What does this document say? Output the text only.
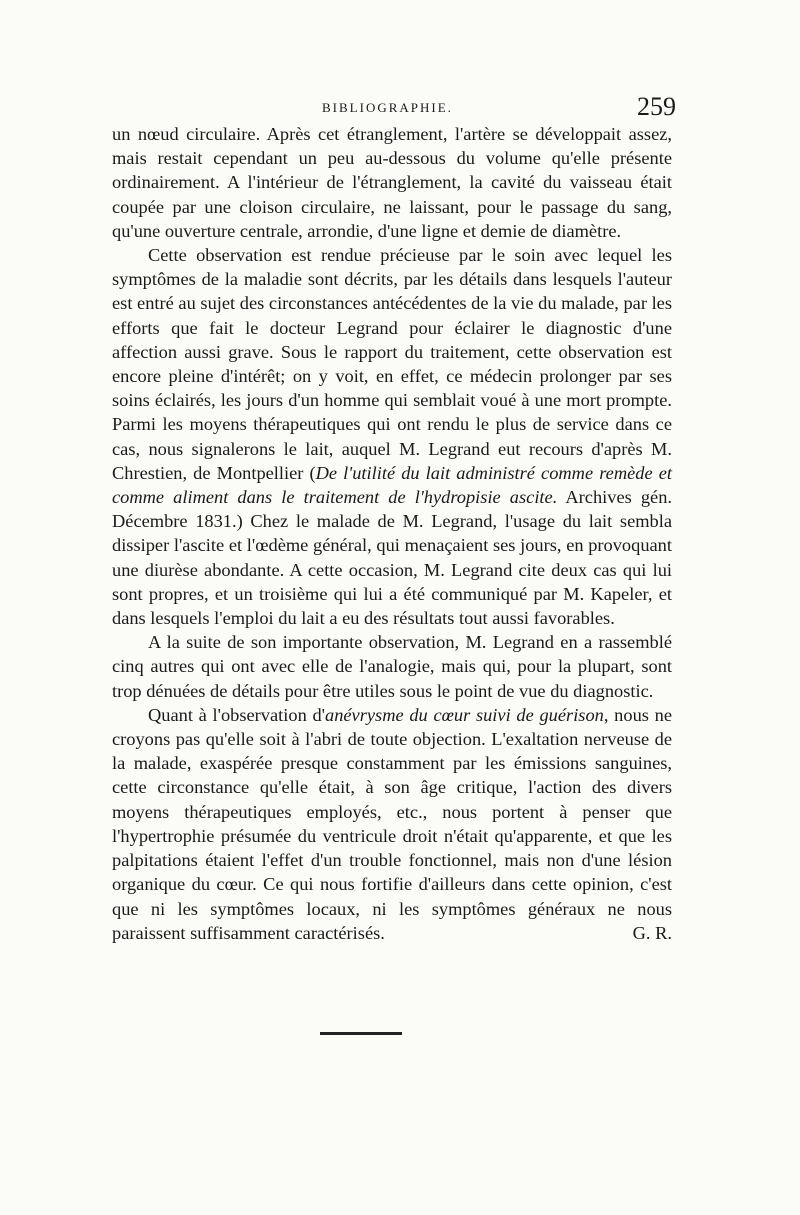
BIBLIOGRAPHIE.	259

un nœud circulaire. Après cet étranglement, l'artère se développait assez, mais restait cependant un peu au-dessous du volume qu'elle présente ordinairement. A l'intérieur de l'étranglement, la cavité du vaisseau était coupée par une cloison circulaire, ne laissant, pour le passage du sang, qu'une ouverture centrale, arrondie, d'une ligne et demie de diamètre.

Cette observation est rendue précieuse par le soin avec lequel les symptômes de la maladie sont décrits, par les détails dans lesquels l'auteur est entré au sujet des circonstances antécédentes de la vie du malade, par les efforts que fait le docteur Legrand pour éclairer le diagnostic d'une affection aussi grave. Sous le rapport du traitement, cette observation est encore pleine d'intérêt; on y voit, en effet, ce médecin prolonger par ses soins éclairés, les jours d'un homme qui semblait voué à une mort prompte. Parmi les moyens thérapeutiques qui ont rendu le plus de service dans ce cas, nous signalerons le lait, auquel M. Legrand eut recours d'après M. Chrestien, de Montpellier (De l'utilité du lait administré comme remède et comme aliment dans le traitement de l'hydropisie ascite. Archives gén. Décembre 1831.) Chez le malade de M. Legrand, l'usage du lait sembla dissiper l'ascite et l'œdème général, qui menaçaient ses jours, en provoquant une diurèse abondante. A cette occasion, M. Legrand cite deux cas qui lui sont propres, et un troisième qui lui a été communiqué par M. Kapeler, et dans lesquels l'emploi du lait a eu des résultats tout aussi favorables.

A la suite de son importante observation, M. Legrand en a rassemblé cinq autres qui ont avec elle de l'analogie, mais qui, pour la plupart, sont trop dénuées de détails pour être utiles sous le point de vue du diagnostic.

Quant à l'observation d'anévrysme du cœur suivi de guérison, nous ne croyons pas qu'elle soit à l'abri de toute objection. L'exaltation nerveuse de la malade, exaspérée presque constamment par les émissions sanguines, cette circonstance qu'elle était, à son âge critique, l'action des divers moyens thérapeutiques employés, etc., nous portent à penser que l'hypertrophie présumée du ventricule droit n'était qu'apparente, et que les palpitations étaient l'effet d'un trouble fonctionnel, mais non d'une lésion organique du cœur. Ce qui nous fortifie d'ailleurs dans cette opinion, c'est que ni les symptômes locaux, ni les symptômes généraux ne nous paraissent suffisamment caractérisés.	G. R.
